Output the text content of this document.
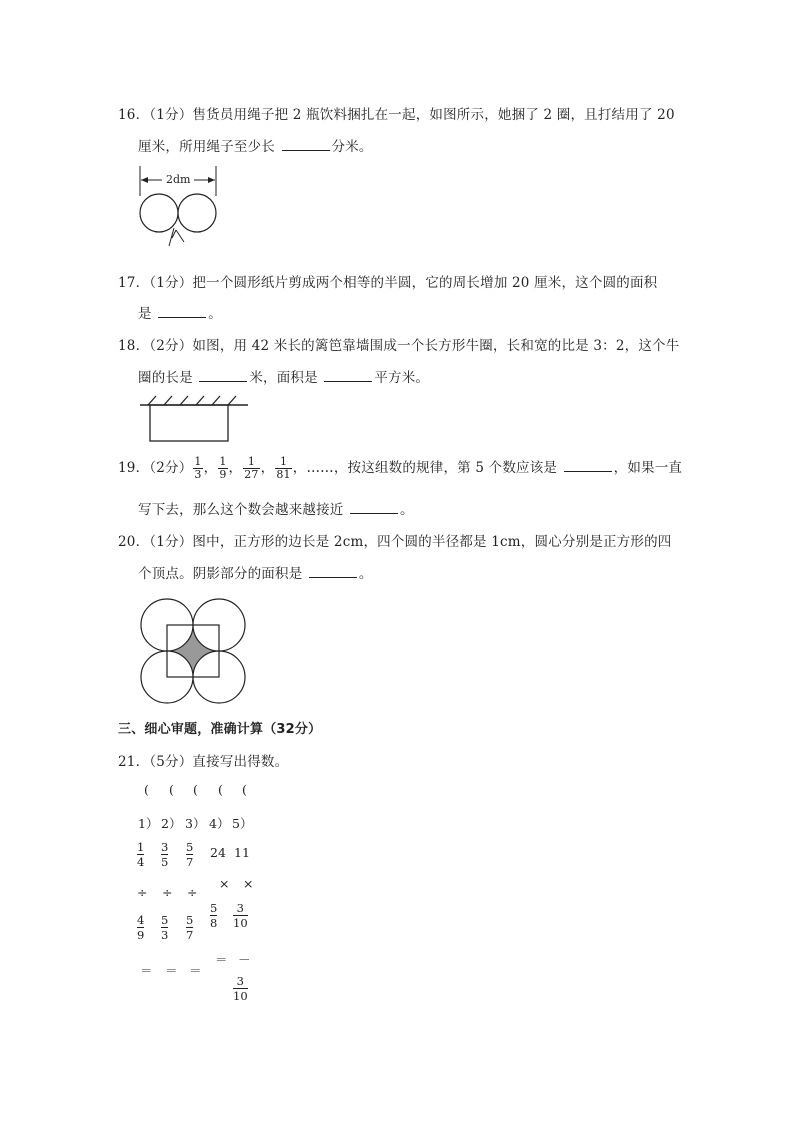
16．（1分）售货员用绳子把 2 瓶饮料捆扎在一起，如图所示，她捆了 2 圈，且打结用了 20
厘米，所用绳子至少长	分米。
2dm
17．（1分）把一个圆形纸片剪成两个相等的半圆，它的周长增加 20 厘米，这个圆的面积
是	。
18．（2分）如图，用 42 米长的篱笆靠墙围成一个长方形牛圈，长和宽的比是 3：2，这个牛
圈的长是	米，面积是	平方米。
19．（2分） $\frac{1}{3}$ ， $\frac{1}{9}$ ， $\frac{1}{27}$ ， $\frac{1}{81}$ ，……，按这组数的规律，第 5 个数应该是	，如果一直
写下去，那么这个数会越来越接近	。
20．（1分）图中，正方形的边长是 2cm，四个圆的半径都是 1cm，圆心分别是正方形的四
个顶点。阴影部分的面积是	。
三、细心审题，准确计算（32分）
21．（5分）直接写出得数。
( ( ( ( (
1） 2） 3） 4） 5）
1
4
3
5
5
7
24 11
× ×
÷ ÷ ÷
4
9
5
3
5
7
5
8
3
10
＝ －
＝ ＝ ＝
3
10
